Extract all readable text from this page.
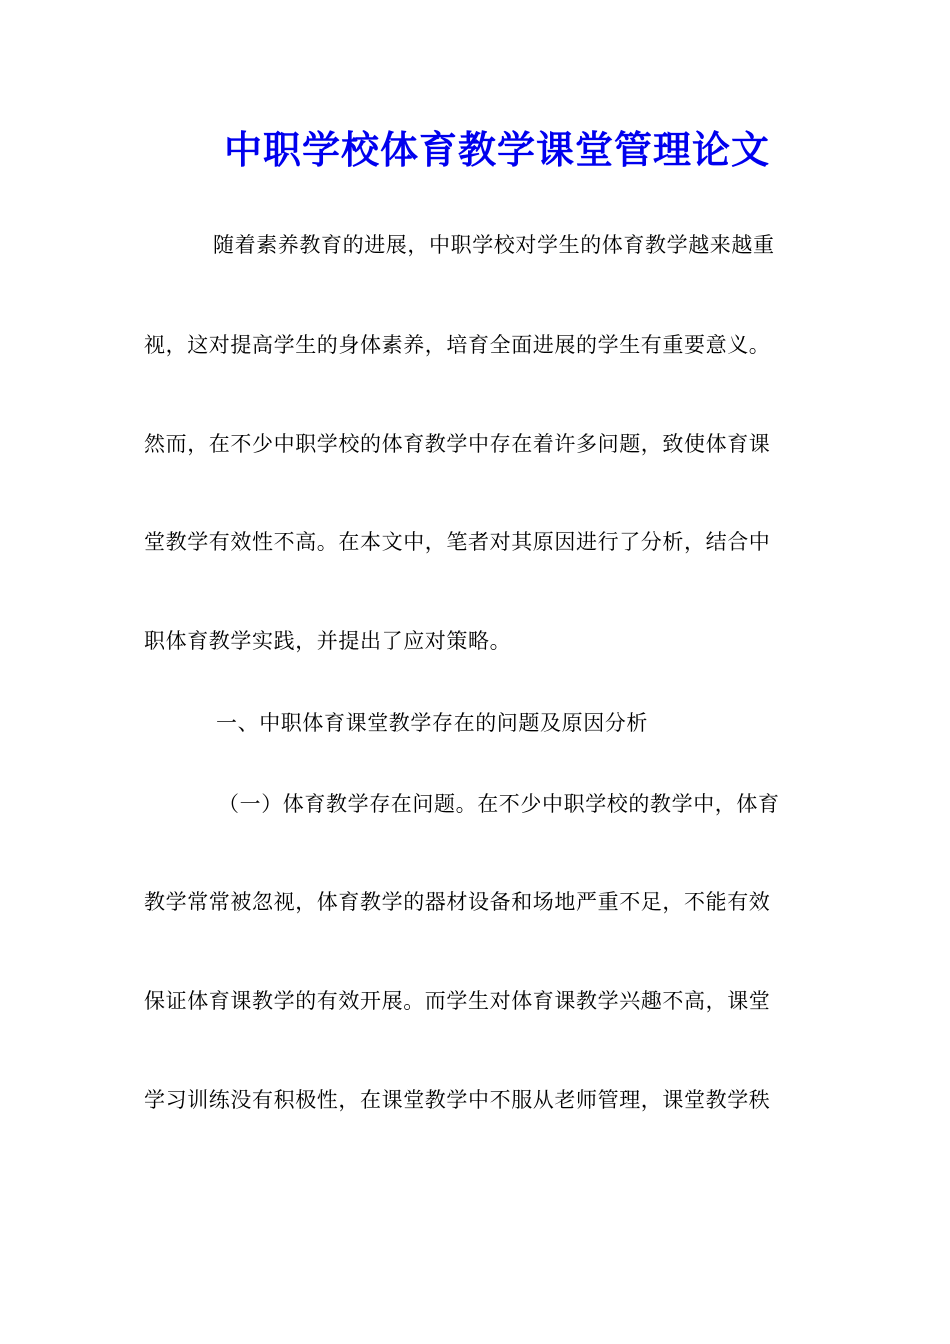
中职学校体育教学课堂管理论文

随着素养教育的进展，中职学校对学生的体育教学越来越重

视，这对提高学生的身体素养，培育全面进展的学生有重要意义。

然而，在不少中职学校的体育教学中存在着许多问题，致使体育课

堂教学有效性不高。在本文中，笔者对其原因进行了分析，结合中

职体育教学实践，并提出了应对策略。

一、中职体育课堂教学存在的问题及原因分析

（一）体育教学存在问题。在不少中职学校的教学中，体育

教学常常被忽视，体育教学的器材设备和场地严重不足，不能有效

保证体育课教学的有效开展。而学生对体育课教学兴趣不高，课堂

学习训练没有积极性，在课堂教学中不服从老师管理，课堂教学秩
